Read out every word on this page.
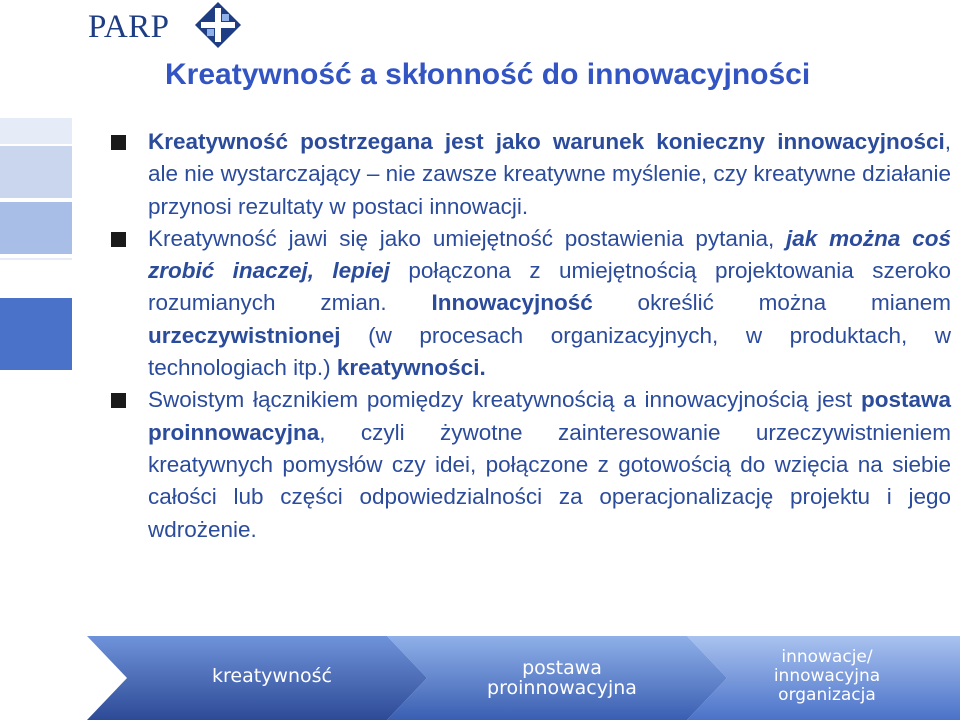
PARP
Kreatywność a skłonność do innowacyjności
Kreatywność postrzegana jest jako warunek konieczny innowacyjności, ale nie wystarczający – nie zawsze kreatywne myślenie, czy kreatywne działanie przynosi rezultaty w postaci innowacji.
Kreatywność jawi się jako umiejętność postawienia pytania, jak można coś zrobić inaczej, lepiej połączona z umiejętnością projektowania szeroko rozumianych zmian. Innowacyjność określić można mianem urzeczywistnionej (w procesach organizacyjnych, w produktach, w technologiach itp.) kreatywności.
Swoistym łącznikiem pomiędzy kreatywnością a innowacyjnością jest postawa proinnowacyjna, czyli żywotne zainteresowanie urzeczywistnieniem kreatywnych pomysłów czy idei, połączone z gotowością do wzięcia na siebie całości lub części odpowiedzialności za operacjonalizację projektu i jego wdrożenie.
kreatywność	postawa
proinnowacyjna
innowacje/
innowacyjna
organizacja
